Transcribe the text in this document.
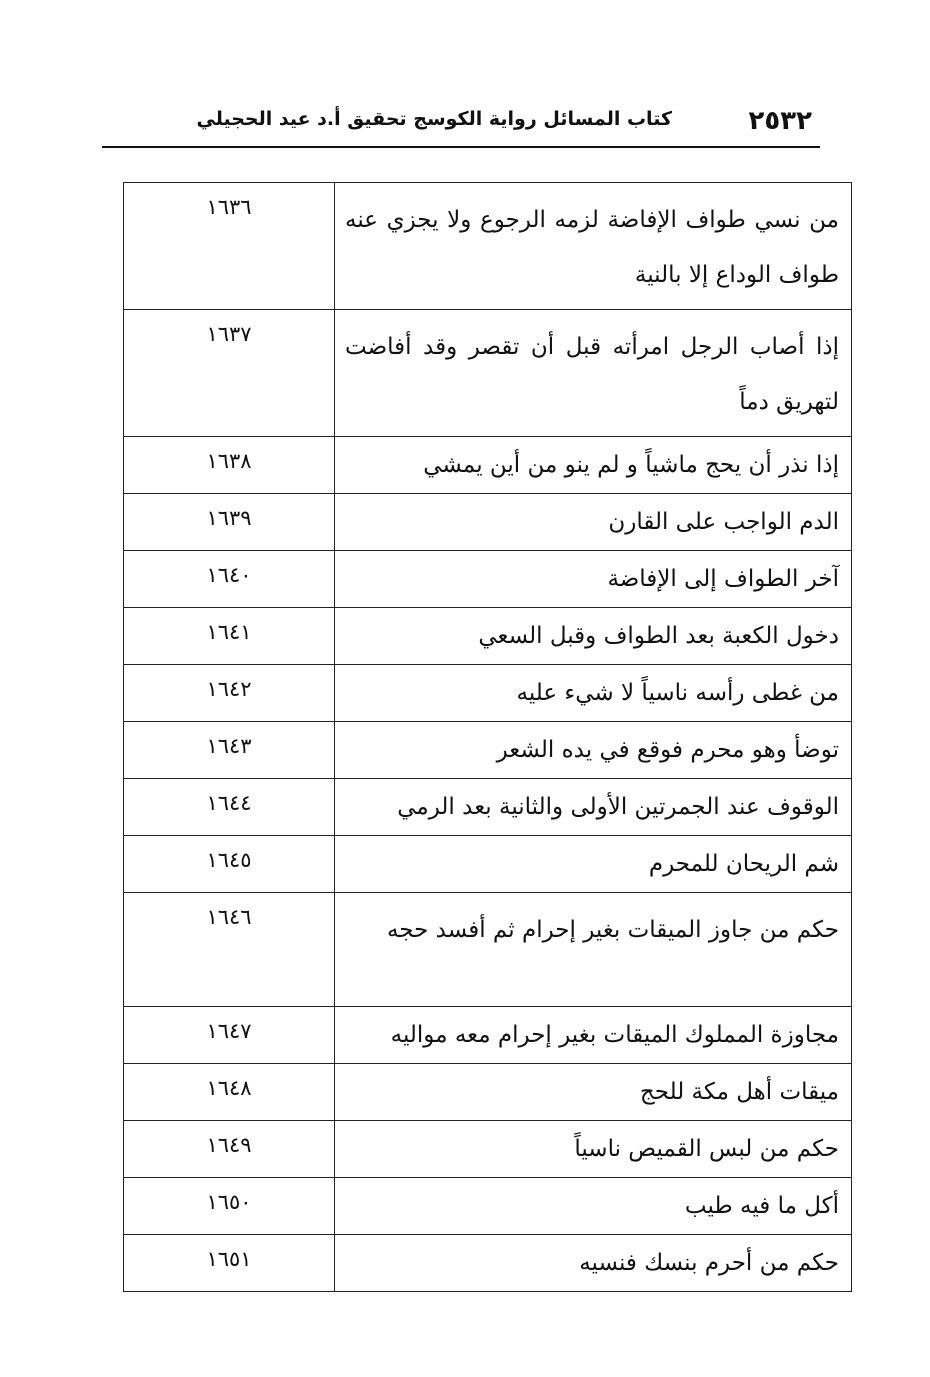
٢٥٣٢
كتاب المسائل رواية الكوسج تحقيق أ.د عيد الحجيلي
من نسي طواف الإفاضة لزمه الرجوع ولا يجزي عنه طواف الوداع إلا بالنية	١٦٣٦
إذا أصاب الرجل امرأته قبل أن تقصر وقد أفاضت لتهريق دماً	١٦٣٧
إذا نذر أن يحج ماشياً و لم ينو من أين يمشي	١٦٣٨
الدم الواجب على القارن	١٦٣٩
آخر الطواف إلى الإفاضة	١٦٤٠
دخول الكعبة بعد الطواف وقبل السعي	١٦٤١
من غطى رأسه ناسياً لا شيء عليه	١٦٤٢
توضأ وهو محرم فوقع في يده الشعر	١٦٤٣
الوقوف عند الجمرتين الأولى والثانية بعد الرمي	١٦٤٤
شم الريحان للمحرم	١٦٤٥
حكم من جاوز الميقات بغير إحرام ثم أفسد حجه	١٦٤٦
مجاوزة المملوك الميقات بغير إحرام معه مواليه	١٦٤٧
ميقات أهل مكة للحج	١٦٤٨
حكم من لبس القميص ناسياً	١٦٤٩
أكل ما فيه طيب	١٦٥٠
حكم من أحرم بنسك فنسيه	١٦٥١
